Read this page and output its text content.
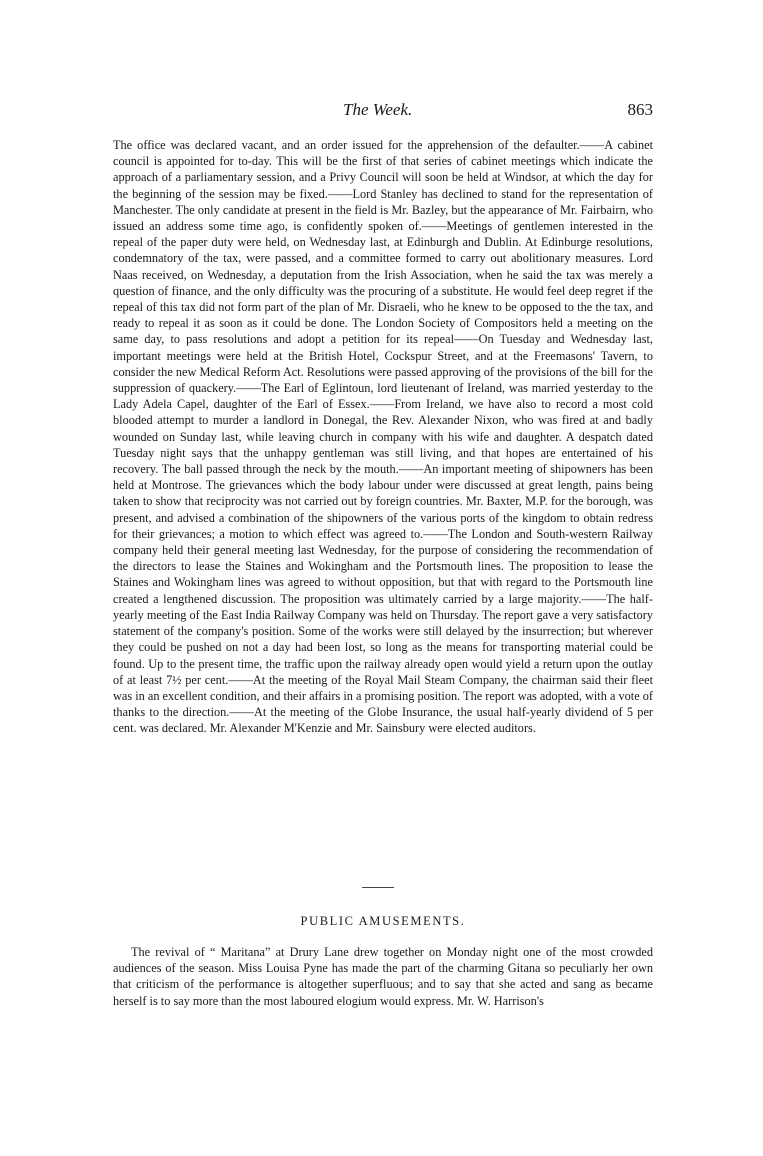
The Week.	863

The office was declared vacant, and an order issued for the apprehension of the defaulter.——A cabinet council is appointed for to-day. This will be the first of that series of cabinet meetings which indicate the approach of a parliamentary session, and a Privy Council will soon be held at Windsor, at which the day for the beginning of the session may be fixed.——Lord Stanley has declined to stand for the representation of Manchester. The only candidate at present in the field is Mr. Bazley, but the appearance of Mr. Fairbairn, who issued an address some time ago, is confidently spoken of.——Meetings of gentlemen interested in the repeal of the paper duty were held, on Wednesday last, at Edinburgh and Dublin. At Edinburge resolutions, condemnatory of the tax, were passed, and a committee formed to carry out abolitionary measures. Lord Naas received, on Wednesday, a deputation from the Irish Association, when he said the tax was merely a question of finance, and the only difficulty was the procuring of a substitute. He would feel deep regret if the repeal of this tax did not form part of the plan of Mr. Disraeli, who he knew to be opposed to the the tax, and ready to repeal it as soon as it could be done. The London Society of Compositors held a meeting on the same day, to pass resolutions and adopt a petition for its repeal——On Tuesday and Wednesday last, important meetings were held at the British Hotel, Cockspur Street, and at the Freemasons' Tavern, to consider the new Medical Reform Act. Resolutions were passed approving of the provisions of the bill for the suppression of quackery.——The Earl of Eglintoun, lord lieutenant of Ireland, was married yesterday to the Lady Adela Capel, daughter of the Earl of Essex.——From Ireland, we have also to record a most cold blooded attempt to murder a landlord in Donegal, the Rev. Alexander Nixon, who was fired at and badly wounded on Sunday last, while leaving church in company with his wife and daughter. A despatch dated Tuesday night says that the unhappy gentleman was still living, and that hopes are entertained of his recovery. The ball passed through the neck by the mouth.——An important meeting of shipowners has been held at Montrose. The grievances which the body labour under were discussed at great length, pains being taken to show that reciprocity was not carried out by foreign countries. Mr. Baxter, M.P. for the borough, was present, and advised a combination of the shipowners of the various ports of the kingdom to obtain redress for their grievances; a motion to which effect was agreed to.——The London and South-western Railway company held their general meeting last Wednesday, for the purpose of considering the recommendation of the directors to lease the Staines and Wokingham and the Portsmouth lines. The proposition to lease the Staines and Wokingham lines was agreed to without opposition, but that with regard to the Portsmouth line created a lengthened discussion. The proposition was ultimately carried by a large majority.——The half-yearly meeting of the East India Railway Company was held on Thursday. The report gave a very satisfactory statement of the company's position. Some of the works were still delayed by the insurrection; but wherever they could be pushed on not a day had been lost, so long as the means for transporting material could be found. Up to the present time, the traffic upon the railway already open would yield a return upon the outlay of at least 7½ per cent.——At the meeting of the Royal Mail Steam Company, the chairman said their fleet was in an excellent condition, and their affairs in a promising position. The report was adopted, with a vote of thanks to the direction.——At the meeting of the Globe Insurance, the usual half-yearly dividend of 5 per cent. was declared. Mr. Alexander M'Kenzie and Mr. Sainsbury were elected auditors.

PUBLIC AMUSEMENTS.

The revival of “ Maritana” at Drury Lane drew together on Monday night one of the most crowded audiences of the season. Miss Louisa Pyne has made the part of the charming Gitana so peculiarly her own that criticism of the performance is altogether superfluous; and to say that she acted and sang as became herself is to say more than the most laboured elogium would express. Mr. W. Harrison's
